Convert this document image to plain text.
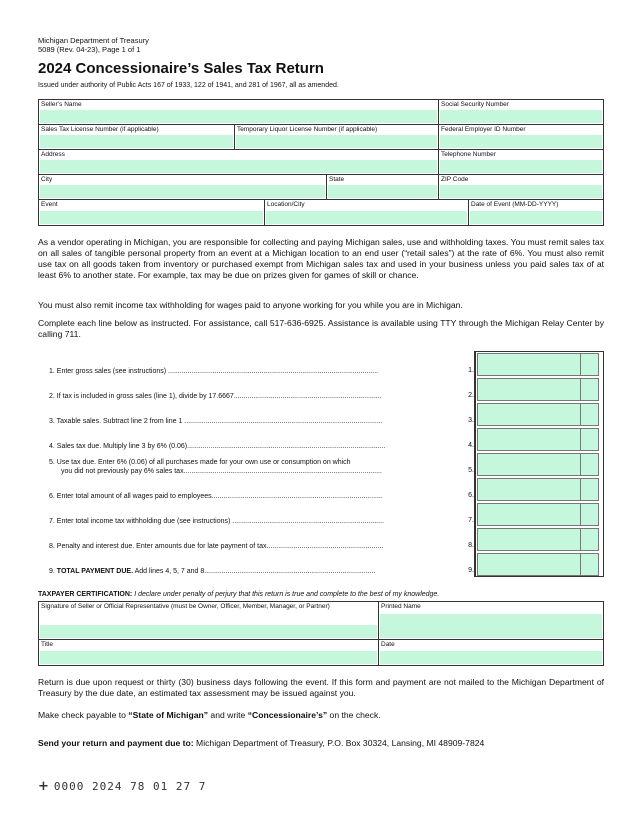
Michigan Department of Treasury
5089 (Rev. 04-23), Page 1 of 1
2024 Concessionaire’s Sales Tax Return
Issued under authority of Public Acts 167 of 1933, 122 of 1941, and 281 of 1967, all as amended.
Seller’s Name	Social Security Number
Sales Tax License Number (if applicable)	Temporary Liquor License Number (if applicable)	Federal Employer ID Number
Address	Telephone Number
City	State	ZIP Code
Event	Location/City	Date of Event (MM-DD-YYYY)
As a vendor operating in Michigan, you are responsible for collecting and paying Michigan sales, use and withholding taxes. You must remit sales tax on all sales of tangible personal property from an event at a Michigan location to an end user (“retail sales”) at the rate of 6%. You must also remit use tax on all goods taken from inventory or purchased exempt from Michigan sales tax and used in your business unless you paid sales tax of at least 6% to another state. For example, tax may be due on prizes given for games of skill or chance.
You must also remit income tax withholding for wages paid to anyone working for you while you are in Michigan.
Complete each line below as instructed. For assistance, call 517-636-6925. Assistance is available using TTY through the Michigan Relay Center by calling 711.
1. Enter gross sales (see instructions) ............................................................................................................	1.
2. If tax is included in gross sales (line 1), divide by 17.6667............................................................................	2.
3. Taxable sales. Subtract line 2 from line 1 ......................................................................................................	3.
4. Sales tax due. Multiply line 3 by 6% (0.06)......................................................................................................	4.
5. Use tax due. Enter 6% (0.06) of all purchases made for your own use or consumption on which
you did not previously pay 6% sales tax......................................................................................................	5.
6. Enter total amount of all wages paid to employees........................................................................................	6.
7. Enter total income tax withholding due (see instructions) ..............................................................................	7.
8. Penalty and interest due. Enter amounts due for late payment of tax............................................................	8.
9. TOTAL PAYMENT DUE. Add lines 4, 5, 7 and 8........................................................................................	9.
TAXPAYER CERTIFICATION: I declare under penalty of perjury that this return is true and complete to the best of my knowledge.
Signature of Seller or Official Representative (must be Owner, Officer, Member, Manager, or Partner)	Printed Name
Title	Date
Return is due upon request or thirty (30) business days following the event. If this form and payment are not mailed to the Michigan Department of Treasury by the due date, an estimated tax assessment may be issued against you.
Make check payable to “State of Michigan” and write “Concessionaire’s” on the check.
Send your return and payment due to: Michigan Department of Treasury, P.O. Box 30324, Lansing, MI 48909-7824
+ 0000 2024 78 01 27 7
